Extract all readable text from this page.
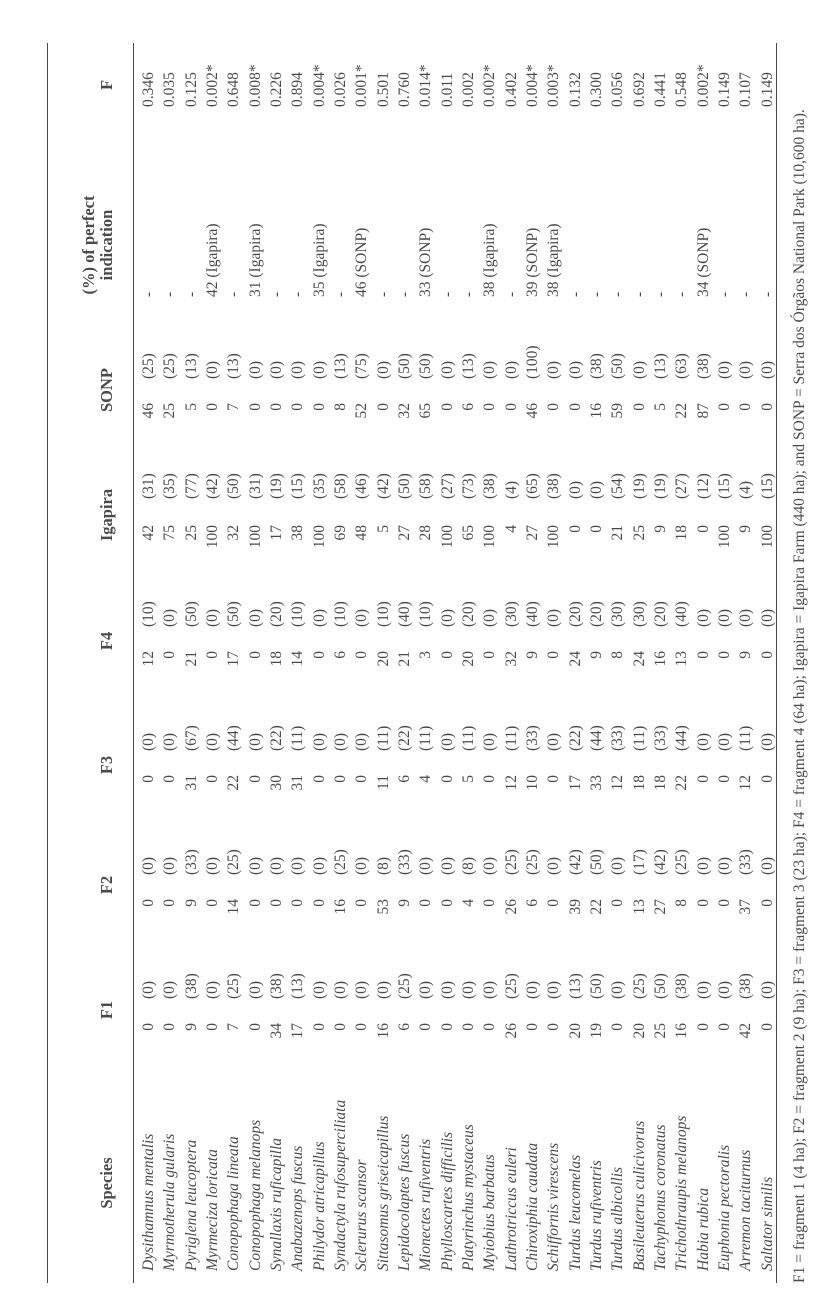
Species
F1
F2
F3
F4
Igapira
SONP
(%) of perfect indication
F
Dysithamnus mentalis
0
(0)
0
(0)
0
(0)
12
(10)
42
(31)
46
(25)
-
0.346
Myrmotherula gularis
0
(0)
0
(0)
0
(0)
0
(0)
75
(35)
25
(25)
-
0.035
Pyriglena leucoptera
9
(38)
9
(33)
31
(67)
21
(50)
25
(77)
5
(13)
-
0.125
Myrmeciza loricata
0
(0)
0
(0)
0
(0)
0
(0)
100
(42)
0
(0)
42 (Igapira)
0.002*
Conopophaga lineata
7
(25)
14
(25)
22
(44)
17
(50)
32
(50)
7
(13)
-
0.648
Conopophaga melanops
0
(0)
0
(0)
0
(0)
0
(0)
100
(31)
0
(0)
31 (Igapira)
0.008*
Synallaxis ruficapilla
34
(38)
0
(0)
30
(22)
18
(20)
17
(19)
0
(0)
-
0.226
Anabazenops fuscus
17
(13)
0
(0)
31
(11)
14
(10)
38
(15)
0
(0)
-
0.894
Philydor atricapillus
0
(0)
0
(0)
0
(0)
0
(0)
100
(35)
0
(0)
35 (Igapira)
0.004*
Syndactyla rufosuperciliata
0
(0)
16
(25)
0
(0)
6
(10)
69
(58)
8
(13)
-
0.026
Sclerurus scansor
0
(0)
0
(0)
0
(0)
0
(0)
48
(46)
52
(75)
46 (SONP)
0.001*
Sittasomus griseicapillus
16
(0)
53
(8)
11
(11)
20
(10)
5
(42)
0
(0)
-
0.501
Lepidocolaptes fuscus
6
(25)
9
(33)
6
(22)
21
(40)
27
(50)
32
(50)
-
0.760
Mionectes rufiventris
0
(0)
0
(0)
4
(11)
3
(10)
28
(58)
65
(50)
33 (SONP)
0.014*
Phylloscartes difficilis
0
(0)
0
(0)
0
(0)
0
(0)
100
(27)
0
(0)
-
0.011
Platyrinchus mystaceus
0
(0)
4
(8)
5
(11)
20
(20)
65
(73)
6
(13)
-
0.002
Myiobius barbatus
0
(0)
0
(0)
0
(0)
0
(0)
100
(38)
0
(0)
38 (Igapira)
0.002*
Lathrotriccus euleri
26
(25)
26
(25)
12
(11)
32
(30)
4
(4)
0
(0)
-
0.402
Chiroxiphia caudata
0
(0)
6
(25)
10
(33)
9
(40)
27
(65)
46
(100)
39 (SONP)
0.004*
Schiffornis virescens
0
(0)
0
(0)
0
(0)
0
(0)
100
(38)
0
(0)
38 (Igapira)
0.003*
Turdus leucomelas
20
(13)
39
(42)
17
(22)
24
(20)
0
(0)
0
(0)
-
0.132
Turdus rufiventris
19
(50)
22
(50)
33
(44)
9
(20)
0
(0)
16
(38)
-
0.300
Turdus albicollis
0
(0)
0
(0)
12
(33)
8
(30)
21
(54)
59
(50)
-
0.056
Basileuterus culicivorus
20
(25)
13
(17)
18
(11)
24
(30)
25
(19)
0
(0)
-
0.692
Tachyphonus coronatus
25
(50)
27
(42)
18
(33)
16
(20)
9
(19)
5
(13)
-
0.441
Trichothraupis melanops
16
(38)
8
(25)
22
(44)
13
(40)
18
(27)
22
(63)
-
0.548
Habia rubica
0
(0)
0
(0)
0
(0)
0
(0)
0
(12)
87
(38)
34 (SONP)
0.002*
Euphonia pectoralis
0
(0)
0
(0)
0
(0)
0
(0)
100
(15)
0
(0)
-
0.149
Arremon taciturnus
42
(38)
37
(33)
12
(11)
9
(0)
9
(4)
0
(0)
-
0.107
Saltator similis
0
(0)
0
(0)
0
(0)
0
(0)
100
(15)
0
(0)
-
0.149
F1 = fragment 1 (4 ha); F2 = fragment 2 (9 ha); F3 = fragment 3 (23 ha); F4 = fragment 4 (64 ha); Igapira = Igapira Farm (440 ha); and SONP = Serra dos Órgãos National Park (10,600 ha).
